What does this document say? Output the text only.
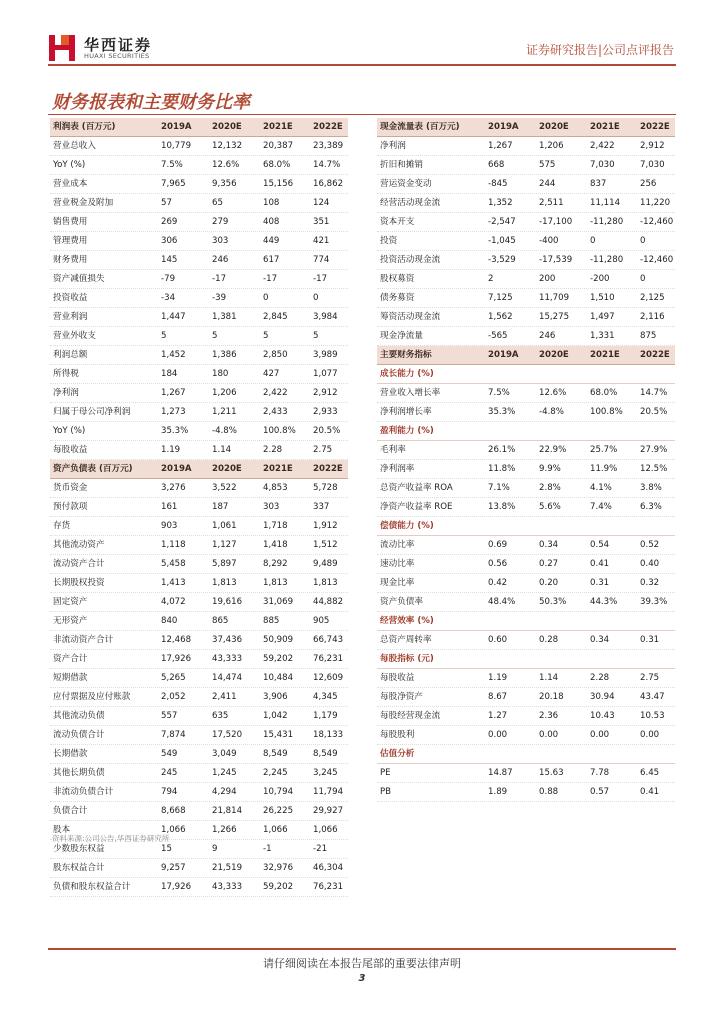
华西证券
HUAXI SECURITIES	证券研究报告|公司点评报告
财务报表和主要财务比率
利润表 (百万元)	2019A 2020E 2021E 2022E
营业总收入	10,779 12,132 20,387 23,389
YoY (%)	7.5%	12.6%	68.0%	14.7%
营业成本	7,965	9,356	15,156 16,862
营业税金及附加	57	65	108	124
销售费用	269	279	408	351
管理费用	306	303	449	421
财务费用	145	246	617	774
资产减值损失	-79	-17	-17	-17
投资收益	-34	-39	0	0
营业利润	1,447	1,381	2,845	3,984
营业外收支	5	5	5	5
利润总额	1,452	1,386	2,850	3,989
所得税	184	180	427	1,077
净利润	1,267	1,206	2,422	2,912
归属于母公司净利润	1,273	1,211	2,433	2,933
YoY (%)	35.3%	-4.8%	100.8% 20.5%
每股收益	1.19	1.14	2.28	2.75
资产负债表 (百万元)	2019A 2020E 2021E 2022E
货币资金	3,276	3,522	4,853	5,728
预付款项	161	187	303	337
存货	903	1,061	1,718	1,912
其他流动资产	1,118	1,127	1,418	1,512
流动资产合计	5,458	5,897	8,292	9,489
长期股权投资	1,413	1,813	1,813	1,813
固定资产	4,072	19,616 31,069 44,882
无形资产	840	865	885	905
非流动资产合计	12,468 37,436 50,909 66,743
资产合计	17,926 43,333 59,202 76,231
短期借款	5,265	14,474 10,484 12,609
应付票据及应付账款	2,052	2,411	3,906	4,345
其他流动负债	557	635	1,042	1,179
流动负债合计	7,874	17,520 15,431 18,133
长期借款	549	3,049	8,549	8,549
其他长期负债	245	1,245	2,245	3,245
非流动负债合计	794	4,294	10,794 11,794
负债合计	8,668	21,814 26,225 29,927
股本	1,066	1,266	1,066	1,066
少数股东权益	15	9	-1	-21
股东权益合计	9,257	21,519 32,976 46,304
负债和股东权益合计	17,926 43,333 59,202 76,231
现金流量表 (百万元)	2019A 2020E 2021E 2022E
净利润	1,267	1,206	2,422	2,912
折旧和摊销	668	575	7,030	7,030
营运资金变动	-845	244	837	256
经营活动现金流	1,352	2,511	11,114 11,220
资本开支	-2,547	-17,100 -11,280 -12,460
投资	-1,045	-400	0	0
投资活动现金流	-3,529	-17,539 -11,280 -12,460
股权募资	2	200	-200	0
债务募资	7,125	11,709 1,510	2,125
筹资活动现金流	1,562	15,275 1,497	2,116
现金净流量	-565	246	1,331	875
主要财务指标	2019A 2020E 2021E 2022E
成长能力 (%)
营业收入增长率	7.5%	12.6%	68.0%	14.7%
净利润增长率	35.3%	-4.8%	100.8% 20.5%
盈利能力 (%)
毛利率	26.1%	22.9%	25.7%	27.9%
净利润率	11.8%	9.9%	11.9%	12.5%
总资产收益率 ROA	7.1%	2.8%	4.1%	3.8%
净资产收益率 ROE	13.8%	5.6%	7.4%	6.3%
偿债能力 (%)
流动比率	0.69	0.34	0.54	0.52
速动比率	0.56	0.27	0.41	0.40
现金比率	0.42	0.20	0.31	0.32
资产负债率	48.4%	50.3%	44.3%	39.3%
经营效率 (%)
总资产周转率	0.60	0.28	0.34	0.31
每股指标 (元)
每股收益	1.19	1.14	2.28	2.75
每股净资产	8.67	20.18	30.94	43.47
每股经营现金流	1.27	2.36	10.43	10.53
每股股利	0.00	0.00	0.00	0.00
估值分析
PE	14.87	15.63	7.78	6.45
PB	1.89	0.88	0.57	0.41
资料来源:公司公告,华西证券研究所
请仔细阅读在本报告尾部的重要法律声明
3
